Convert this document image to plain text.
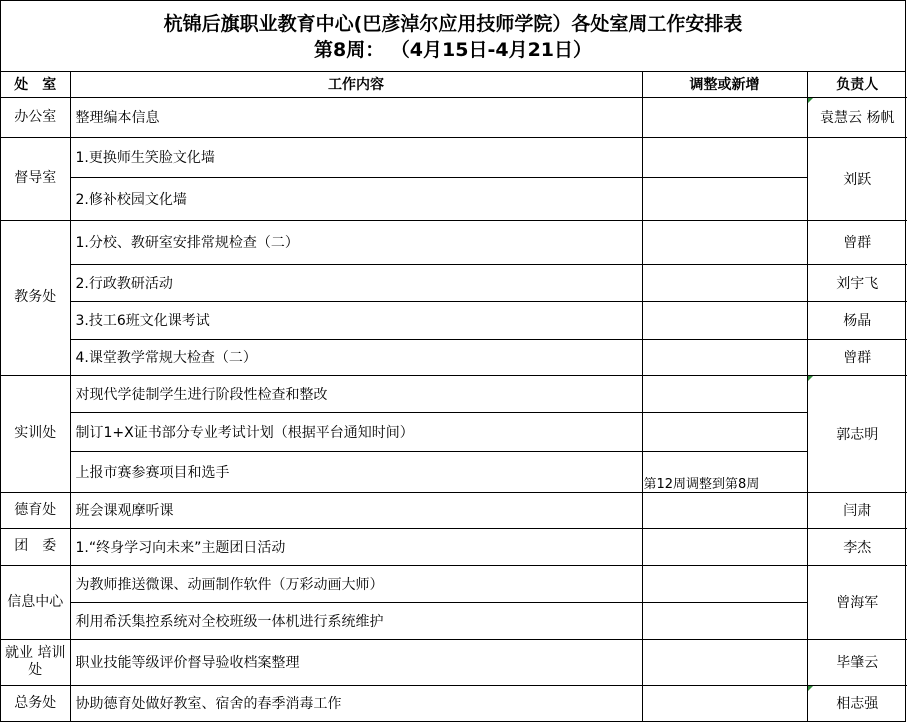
杭锦后旗职业教育中心(巴彦淖尔应用技师学院）各处室周工作安排表
第8周： （4月15日-4月21日）
处　室	工作内容	调整或新增	负责人
办公室	整理编本信息		袁慧云 杨帆
督导室	1.更换师生笑脸文化墙		刘跃
	2.修补校园文化墙		
教务处	1.分校、教研室安排常规检查（二）		曾群
	2.行政教研活动		刘宇飞
	3.技工6班文化课考试		杨晶
	4.课堂教学常规大检查（二）		曾群
实训处	对现代学徒制学生进行阶段性检查和整改		郭志明
	制订1+X证书部分专业考试计划（根据平台通知时间）		
	上报市赛参赛项目和选手	第12周调整到第8周	
德育处	班会课观摩听课		闫肃
团　委	1.“终身学习向未来”主题团日活动		李杰
信息中心	为教师推送微课、动画制作软件（万彩动画大师）		曾海军
	利用希沃集控系统对全校班级一体机进行系统维护		
就业 培训处	职业技能等级评价督导验收档案整理		毕肇云
总务处	协助德育处做好教室、宿舍的春季消毒工作		相志强
